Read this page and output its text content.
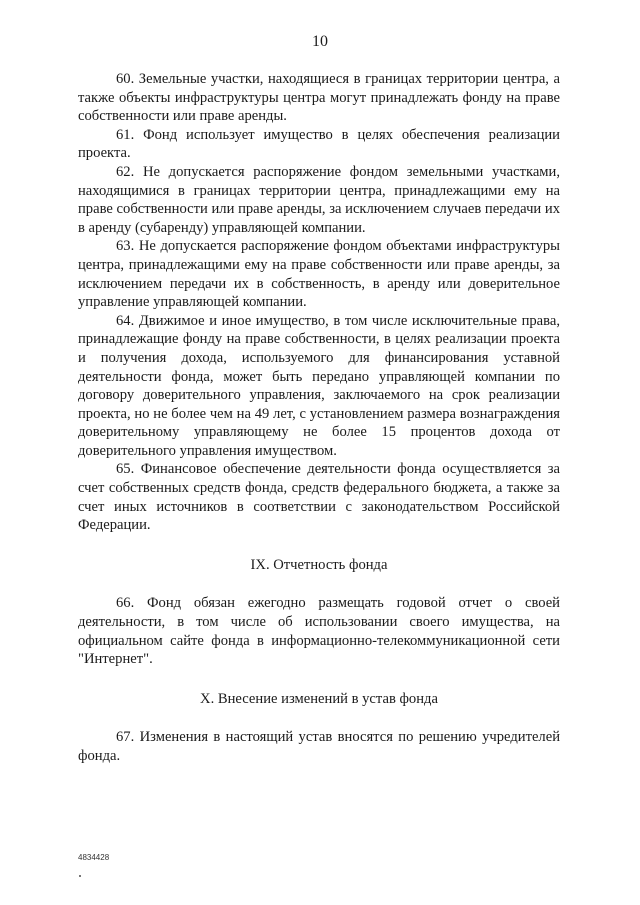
10

60. Земельные участки, находящиеся в границах территории центра, а также объекты инфраструктуры центра могут принадлежать фонду на праве собственности или праве аренды.

61. Фонд использует имущество в целях обеспечения реализации проекта.

62. Не допускается распоряжение фондом земельными участками, находящимися в границах территории центра, принадлежащими ему на праве собственности или праве аренды, за исключением случаев передачи их в аренду (субаренду) управляющей компании.

63. Не допускается распоряжение фондом объектами инфраструктуры центра, принадлежащими ему на праве собственности или праве аренды, за исключением передачи их в собственность, в аренду или доверительное управление управляющей компании.

64. Движимое и иное имущество, в том числе исключительные права, принадлежащие фонду на праве собственности, в целях реализации проекта и получения дохода, используемого для финансирования уставной деятельности фонда, может быть передано управляющей компании по договору доверительного управления, заключаемого на срок реализации проекта, но не более чем на 49 лет, с установлением размера вознаграждения доверительному управляющему не более 15 процентов дохода от доверительного управления имуществом.

65. Финансовое обеспечение деятельности фонда осуществляется за счет собственных средств фонда, средств федерального бюджета, а также за счет иных источников в соответствии с законодательством Российской Федерации.

IX. Отчетность фонда

66. Фонд обязан ежегодно размещать годовой отчет о своей деятельности, в том числе об использовании своего имущества, на официальном сайте фонда в информационно-телекоммуникационной сети "Интернет".

X. Внесение изменений в устав фонда

67. Изменения в настоящий устав вносятся по решению учредителей фонда.

4834428
